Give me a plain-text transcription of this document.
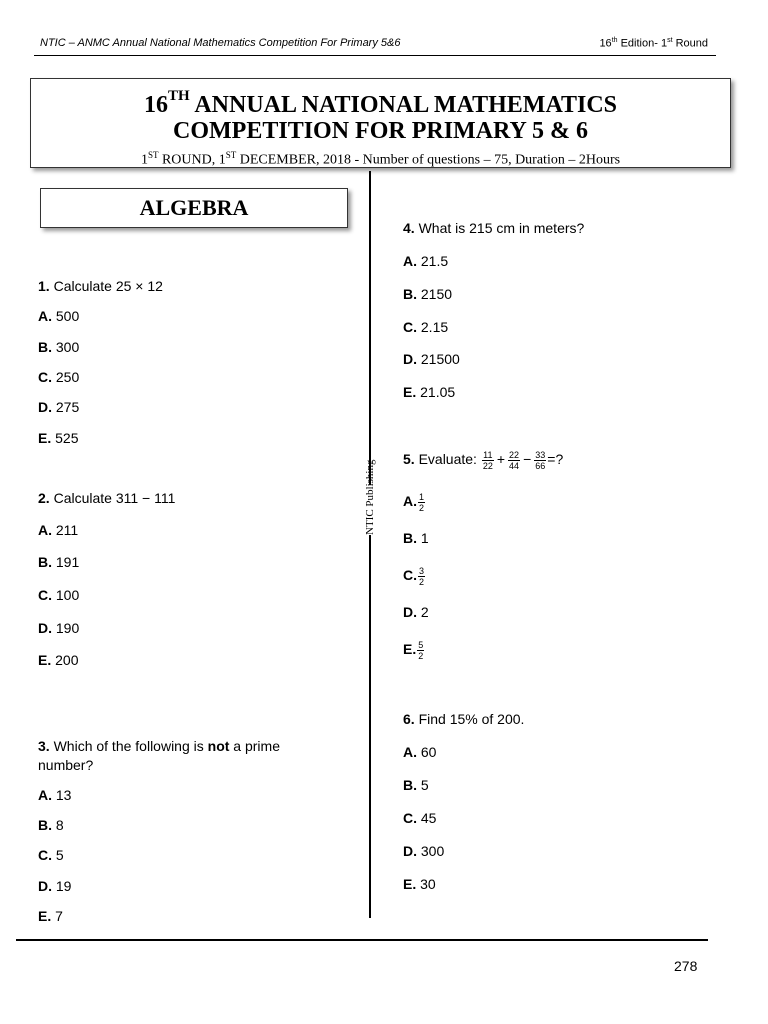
NTIC – ANMC Annual National Mathematics Competition For Primary 5&6	16th Edition- 1st Round
16TH ANNUAL NATIONAL MATHEMATICS
COMPETITION FOR PRIMARY 5 & 6
1ST ROUND, 1ST DECEMBER, 2018 - Number of questions – 75, Duration – 2Hours
ALGEBRA
NTIC Publishing
1. Calculate 25 × 12
A. 500
B. 300
C. 250
D. 275
E. 525
2. Calculate 311 − 111
A. 211
B. 191
C. 100
D. 190
E. 200
3. Which of the following is not a prime
number?
A. 13
B. 8
C. 5
D. 19
E. 7
4. What is 215 cm in meters?
A. 21.5
B. 2150
C. 2.15
D. 21500
E. 21.05
5. Evaluate: $\frac{11}{22} + \frac{22}{44} - \frac{33}{66}$ =?
A. $\frac{1}{2}$
B. 1
C. $\frac{3}{2}$
D. 2
E. $\frac{5}{2}$
6. Find 15% of 200.
A. 60
B. 5
C. 45
D. 300
E. 30
278
